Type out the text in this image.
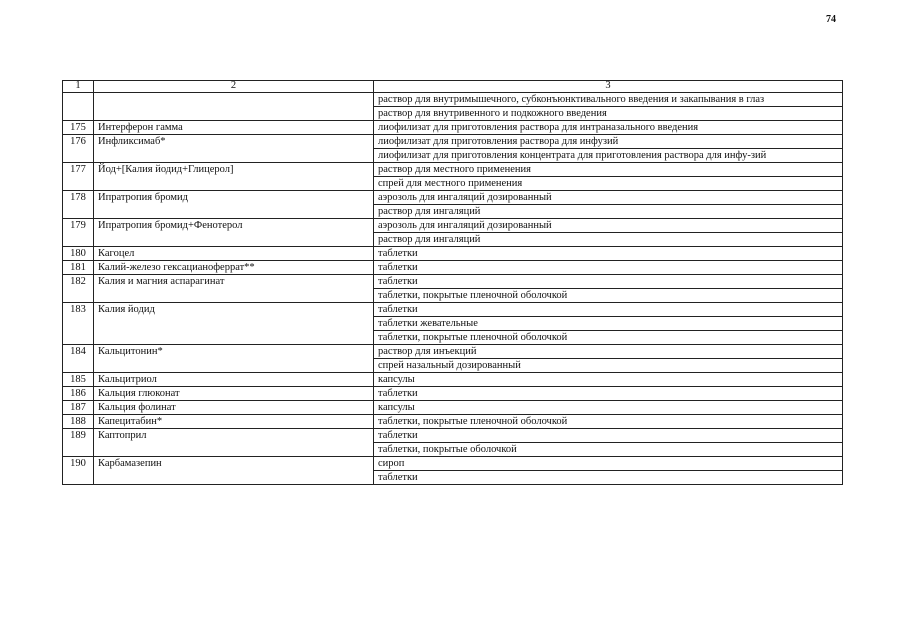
74
1	2	3
		раствор для внутримышечного, субконъюнктивального введения и закапывания в глаз
		раствор для внутривенного и подкожного введения
175	Интерферон гамма	лиофилизат для приготовления раствора для интраназального введения
176	Инфликсимаб*	лиофилизат для приготовления раствора для инфузий
		лиофилизат для приготовления концентрата для приготовления раствора для инфу-зий
177	Йод+[Калия йодид+Глицерол]	раствор для местного применения
		спрей для местного применения
178	Ипратропия бромид	аэрозоль для ингаляций дозированный
		раствор для ингаляций
179	Ипратропия бромид+Фенотерол	аэрозоль для ингаляций дозированный
		раствор для ингаляций
180	Кагоцел	таблетки
181	Калий-железо гексацианоферрат**	таблетки
182	Калия и магния аспарагинат	таблетки
		таблетки, покрытые пленочной оболочкой
183	Калия йодид	таблетки
		таблетки жевательные
		таблетки, покрытые пленочной оболочкой
184	Кальцитонин*	раствор для инъекций
		спрей назальный дозированный
185	Кальцитриол	капсулы
186	Кальция глюконат	таблетки
187	Кальция фолинат	капсулы
188	Капецитабин*	таблетки, покрытые пленочной оболочкой
189	Каптоприл	таблетки
		таблетки, покрытые оболочкой
190	Карбамазепин	сироп
		таблетки
